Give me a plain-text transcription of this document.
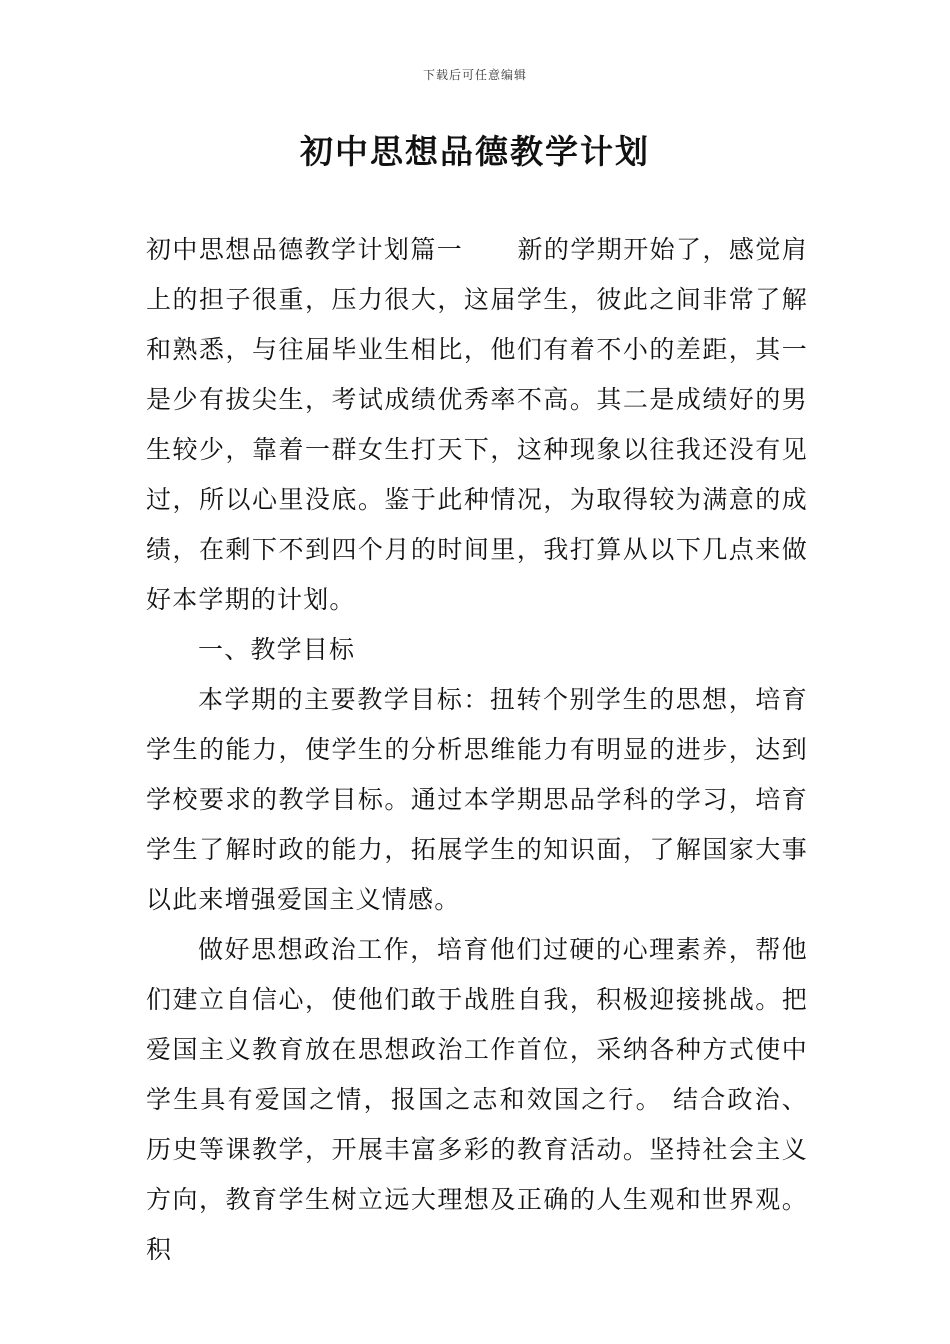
下载后可任意编辑
初中思想品德教学计划

初中思想品德教学计划篇一 新的学期开始了，感觉肩上的担子很重，压力很大，这届学生，彼此之间非常了解和熟悉，与往届毕业生相比，他们有着不小的差距，其一是少有拔尖生，考试成绩优秀率不高。其二是成绩好的男生较少，靠着一群女生打天下，这种现象以往我还没有见过，所以心里没底。鉴于此种情况，为取得较为满意的成绩，在剩下不到四个月的时间里，我打算从以下几点来做好本学期的计划。

一、教学目标

本学期的主要教学目标：扭转个别学生的思想，培育学生的能力，使学生的分析思维能力有明显的进步，达到学校要求的教学目标。通过本学期思品学科的学习，培育学生了解时政的能力，拓展学生的知识面，了解国家大事以此来增强爱国主义情感。

做好思想政治工作，培育他们过硬的心理素养，帮他们建立自信心，使他们敢于战胜自我，积极迎接挑战。把爱国主义教育放在思想政治工作首位，采纳各种方式使中学生具有爱国之情，报国之志和效国之行。 结合政治、历史等课教学，开展丰富多彩的教育活动。坚持社会主义方向，教育学生树立远大理想及正确的人生观和世界观。积
